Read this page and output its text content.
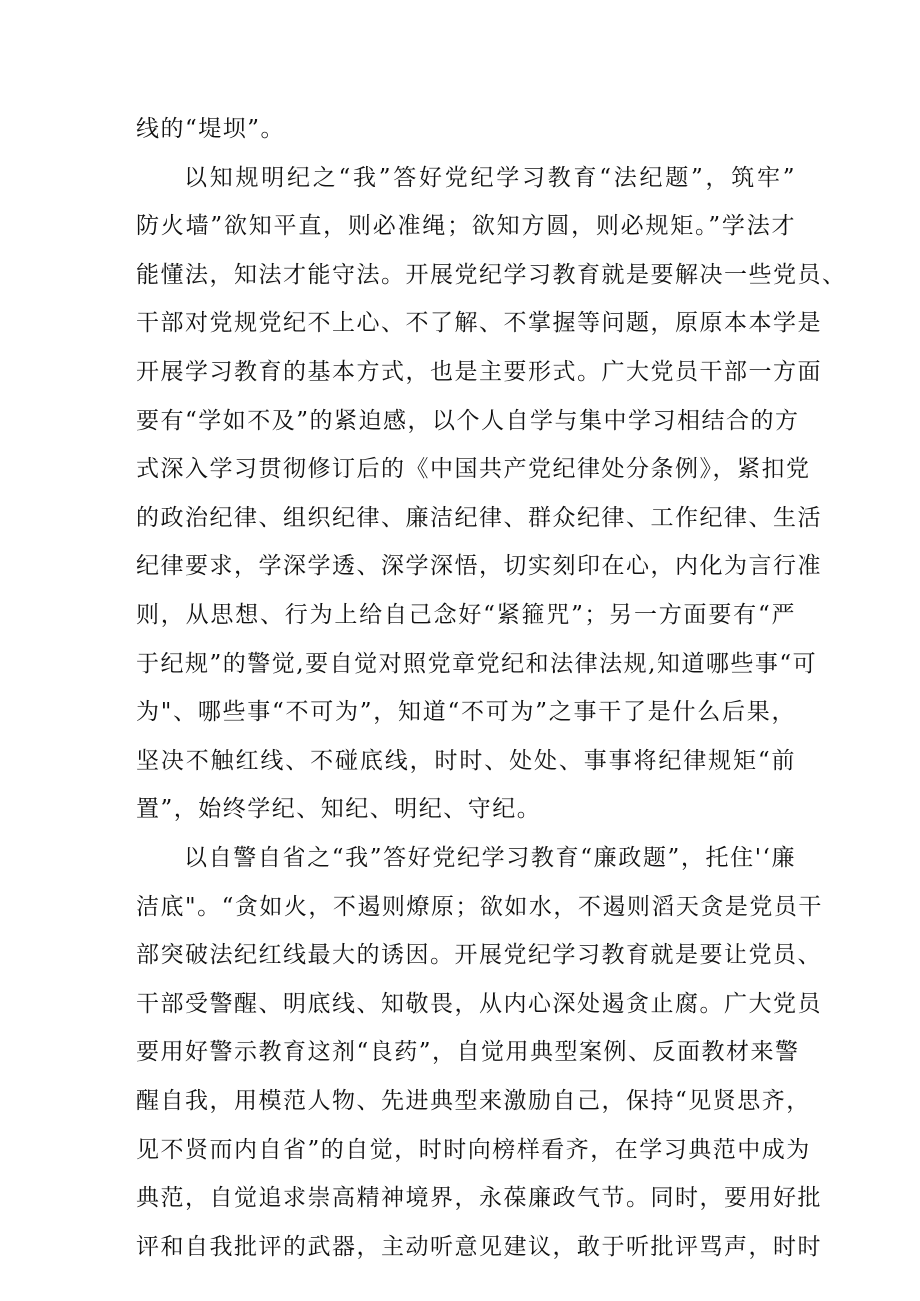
线的“堤坝”。
以知规明纪之“我”答好党纪学习教育“法纪题”，筑牢”
防火墙”欲知平直，则必准绳；欲知方圆，则必规矩。”学法才
能懂法，知法才能守法。开展党纪学习教育就是要解决一些党员、
干部对党规党纪不上心、不了解、不掌握等问题，原原本本学是
开展学习教育的基本方式，也是主要形式。广大党员干部一方面
要有“学如不及”的紧迫感，以个人自学与集中学习相结合的方
式深入学习贯彻修订后的《中国共产党纪律处分条例》，紧扣党
的政治纪律、组织纪律、廉洁纪律、群众纪律、工作纪律、生活
纪律要求，学深学透、深学深悟，切实刻印在心，内化为言行准
则，从思想、行为上给自己念好“紧箍咒”；另一方面要有“严
于纪规”的警觉,要自觉对照党章党纪和法律法规,知道哪些事“可
为"、哪些事“不可为”，知道“不可为”之事干了是什么后果，
坚决不触红线、不碰底线，时时、处处、事事将纪律规矩“前
置”，始终学纪、知纪、明纪、守纪。
以自警自省之“我”答好党纪学习教育“廉政题”，托住'‘廉
洁底"。“贪如火，不遏则燎原；欲如水，不遏则滔天贪是党员干
部突破法纪红线最大的诱因。开展党纪学习教育就是要让党员、
干部受警醒、明底线、知敬畏，从内心深处遏贪止腐。广大党员
要用好警示教育这剂“良药”，自觉用典型案例、反面教材来警
醒自我，用模范人物、先进典型来激励自己，保持“见贤思齐，
见不贤而内自省”的自觉，时时向榜样看齐，在学习典范中成为
典范，自觉追求崇高精神境界，永葆廉政气节。同时，要用好批
评和自我批评的武器，主动听意见建议，敢于听批评骂声，时时
